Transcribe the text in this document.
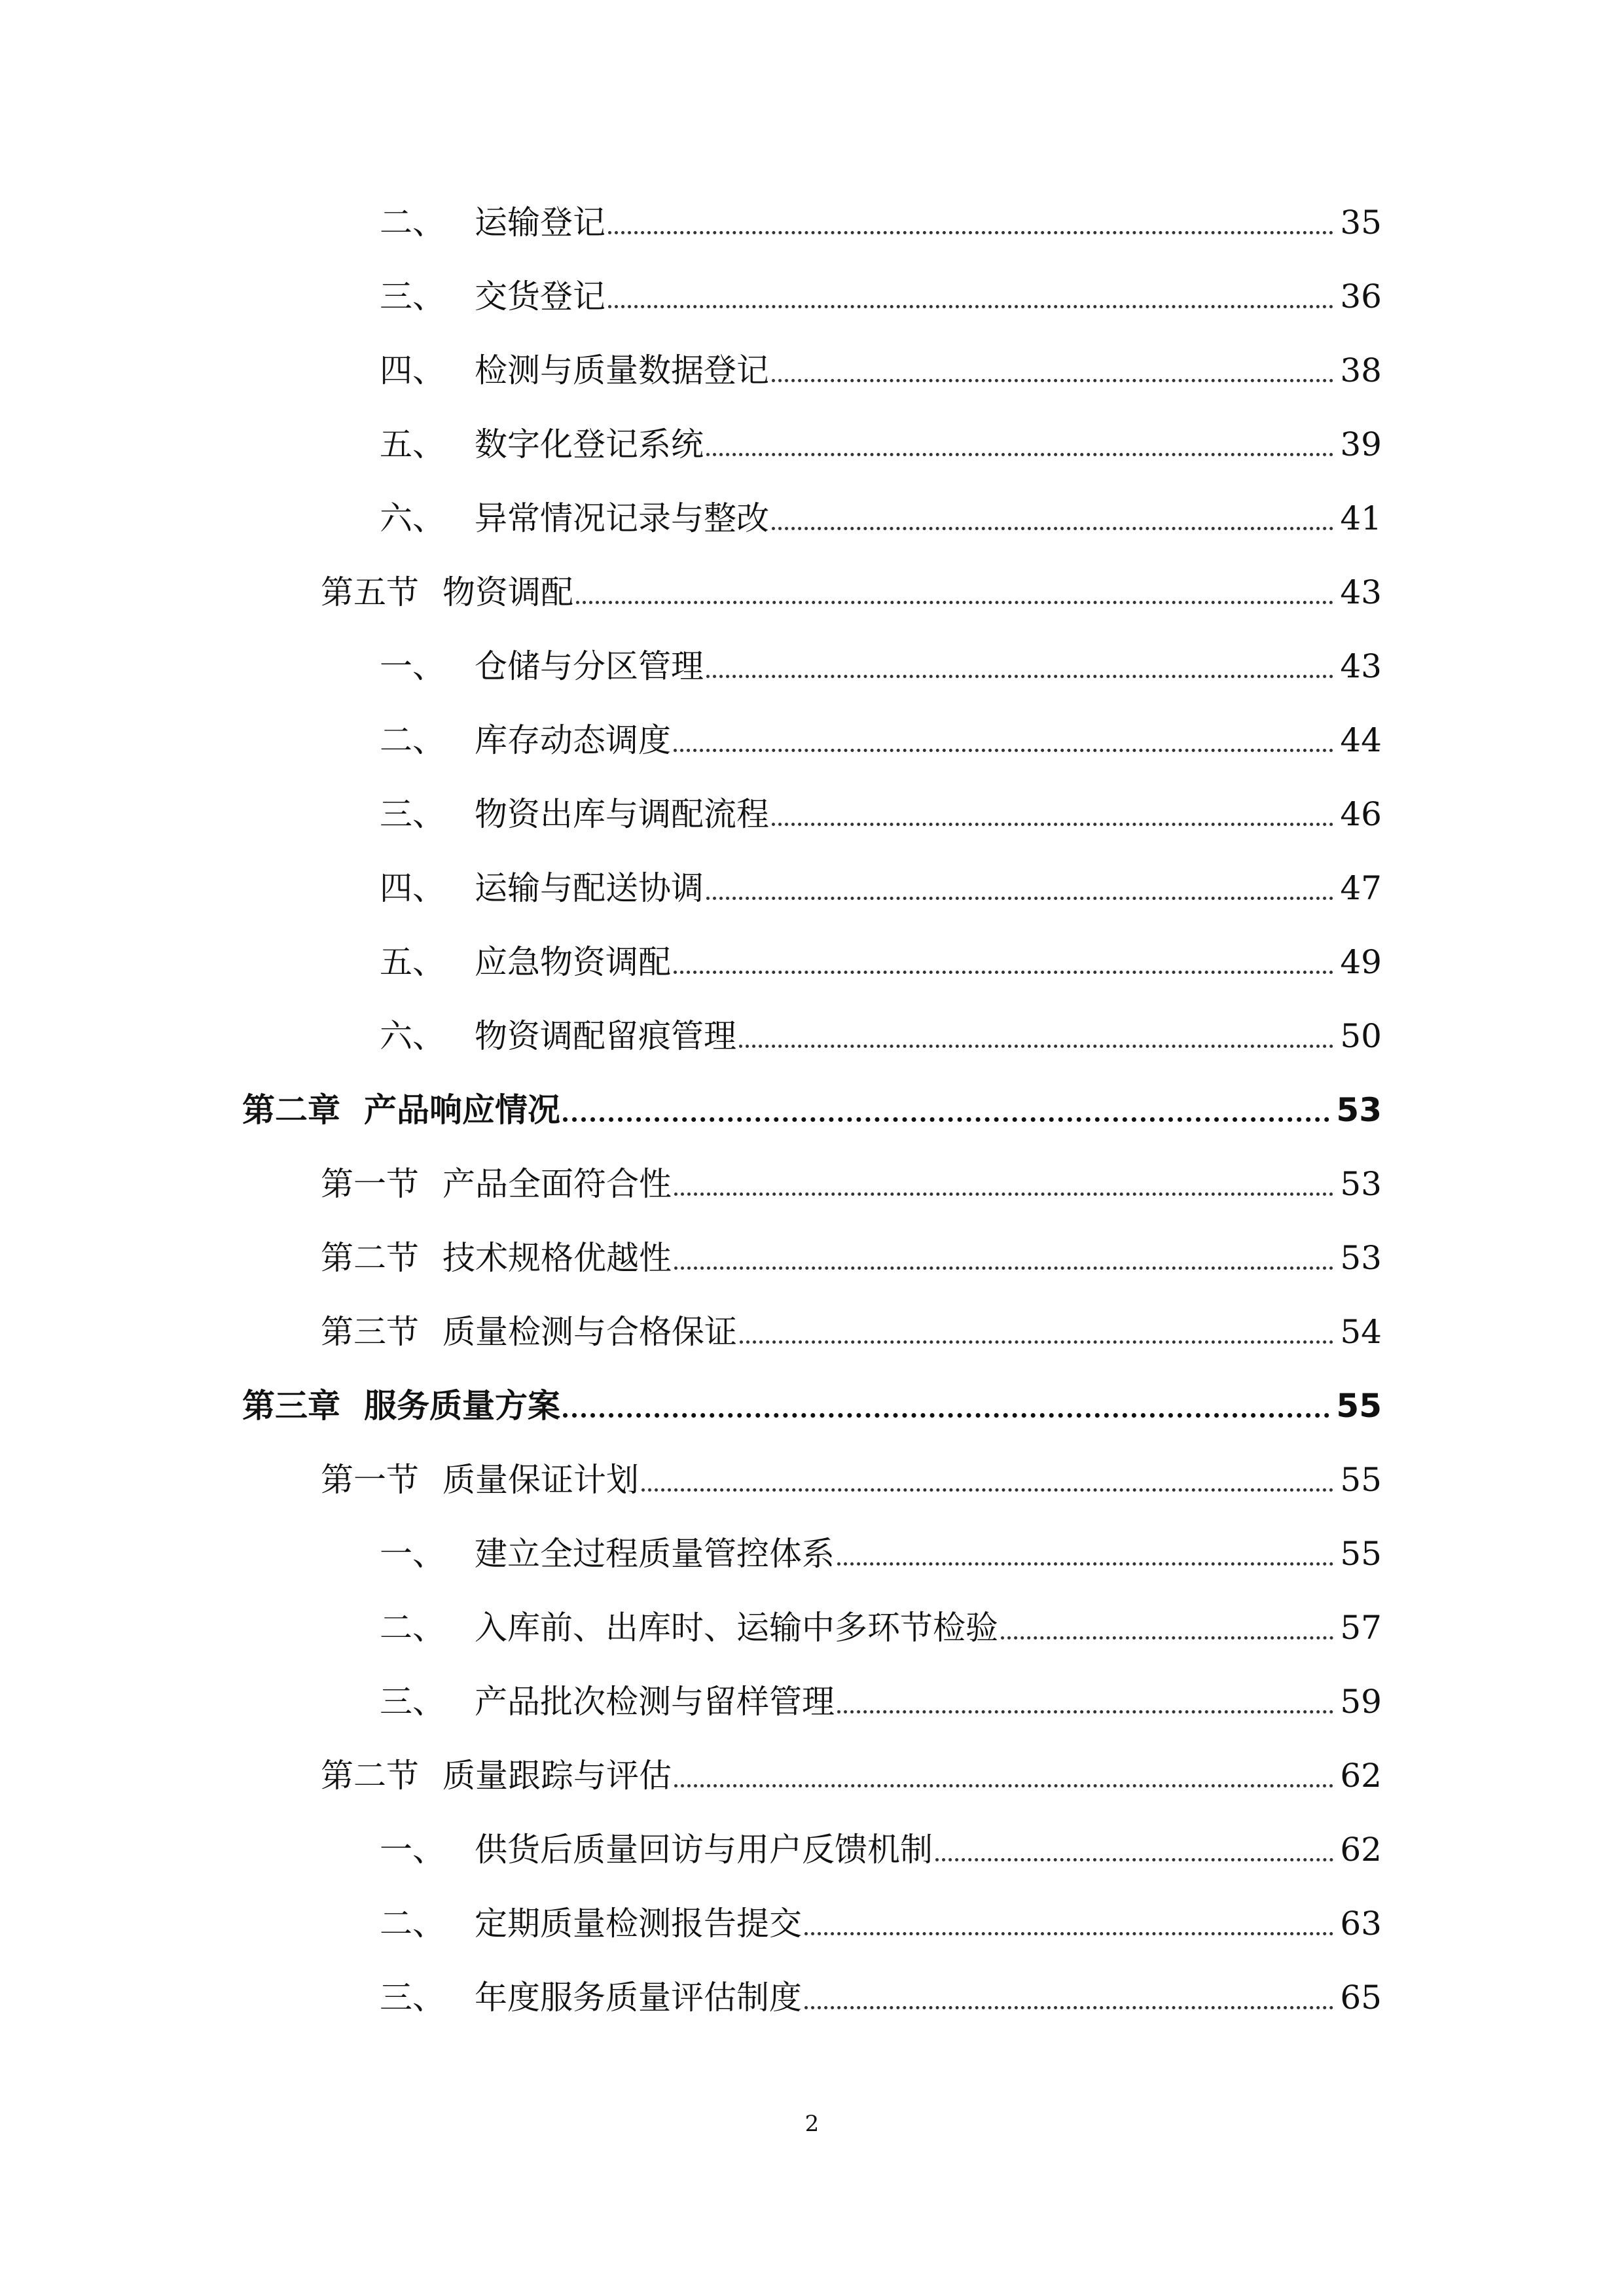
二、 运输登记	35
三、 交货登记	36
四、 检测与质量数据登记	38
五、 数字化登记系统	39
六、 异常情况记录与整改	41
第五节 物资调配	43
一、 仓储与分区管理	43
二、 库存动态调度	44
三、 物资出库与调配流程	46
四、 运输与配送协调	47
五、 应急物资调配	49
六、 物资调配留痕管理	50
第二章 产品响应情况	53
第一节 产品全面符合性	53
第二节 技术规格优越性	53
第三节 质量检测与合格保证	54
第三章 服务质量方案	55
第一节 质量保证计划	55
一、 建立全过程质量管控体系	55
二、 入库前、出库时、运输中多环节检验	57
三、 产品批次检测与留样管理	59
第二节 质量跟踪与评估	62
一、 供货后质量回访与用户反馈机制	62
二、 定期质量检测报告提交	63
三、 年度服务质量评估制度	65
2
